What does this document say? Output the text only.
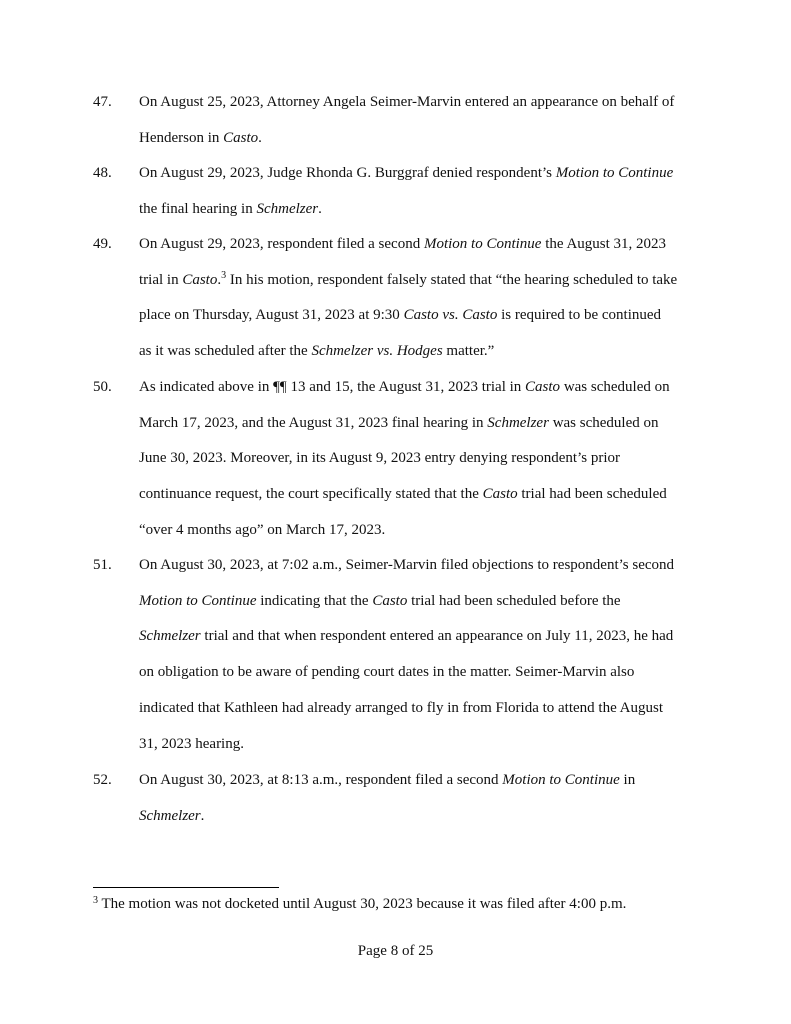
47. On August 25, 2023, Attorney Angela Seimer-Marvin entered an appearance on behalf of
Henderson in Casto.
48. On August 29, 2023, Judge Rhonda G. Burggraf denied respondent’s Motion to Continue
the final hearing in Schmelzer.
49. On August 29, 2023, respondent filed a second Motion to Continue the August 31, 2023
trial in Casto.$^3$ In his motion, respondent falsely stated that “the hearing scheduled to take
place on Thursday, August 31, 2023 at 9:30 Casto vs. Casto is required to be continued
as it was scheduled after the Schmelzer vs. Hodges matter.”
50. As indicated above in ¶¶ 13 and 15, the August 31, 2023 trial in Casto was scheduled on
March 17, 2023, and the August 31, 2023 final hearing in Schmelzer was scheduled on
June 30, 2023. Moreover, in its August 9, 2023 entry denying respondent’s prior
continuance request, the court specifically stated that the Casto trial had been scheduled
“over 4 months ago” on March 17, 2023.
51. On August 30, 2023, at 7:02 a.m., Seimer-Marvin filed objections to respondent’s second
Motion to Continue indicating that the Casto trial had been scheduled before the
Schmelzer trial and that when respondent entered an appearance on July 11, 2023, he had
on obligation to be aware of pending court dates in the matter. Seimer-Marvin also
indicated that Kathleen had already arranged to fly in from Florida to attend the August
31, 2023 hearing.
52. On August 30, 2023, at 8:13 a.m., respondent filed a second Motion to Continue in
Schmelzer.
$^3$ The motion was not docketed until August 30, 2023 because it was filed after 4:00 p.m.
Page 8 of 25
